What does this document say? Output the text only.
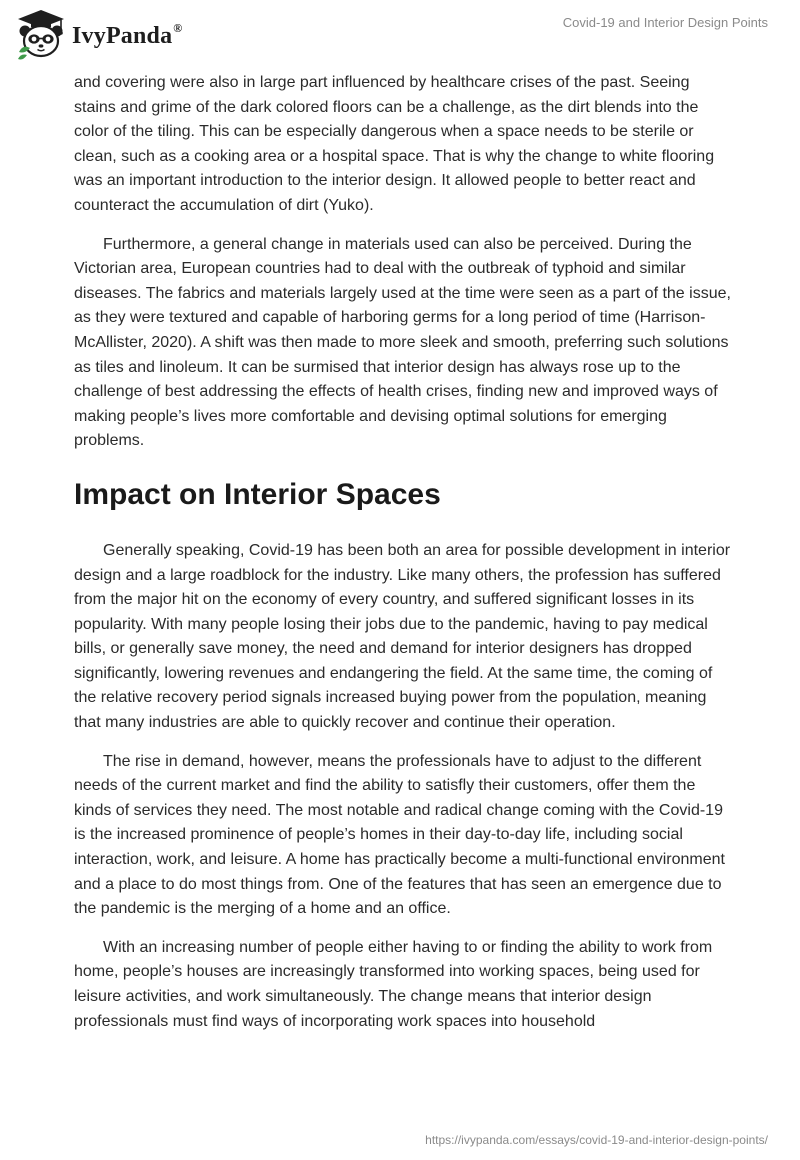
IvyPanda®	Covid-19 and Interior Design Points

and covering were also in large part influenced by healthcare crises of the past. Seeing stains and grime of the dark colored floors can be a challenge, as the dirt blends into the color of the tiling. This can be especially dangerous when a space needs to be sterile or clean, such as a cooking area or a hospital space. That is why the change to white flooring was an important introduction to the interior design. It allowed people to better react and counteract the accumulation of dirt (Yuko).

Furthermore, a general change in materials used can also be perceived. During the Victorian area, European countries had to deal with the outbreak of typhoid and similar diseases. The fabrics and materials largely used at the time were seen as a part of the issue, as they were textured and capable of harboring germs for a long period of time (Harrison-McAllister, 2020). A shift was then made to more sleek and smooth, preferring such solutions as tiles and linoleum. It can be surmised that interior design has always rose up to the challenge of best addressing the effects of health crises, finding new and improved ways of making people’s lives more comfortable and devising optimal solutions for emerging problems.

Impact on Interior Spaces

Generally speaking, Covid-19 has been both an area for possible development in interior design and a large roadblock for the industry. Like many others, the profession has suffered from the major hit on the economy of every country, and suffered significant losses in its popularity. With many people losing their jobs due to the pandemic, having to pay medical bills, or generally save money, the need and demand for interior designers has dropped significantly, lowering revenues and endangering the field. At the same time, the coming of the relative recovery period signals increased buying power from the population, meaning that many industries are able to quickly recover and continue their operation.

The rise in demand, however, means the professionals have to adjust to the different needs of the current market and find the ability to satisfly their customers, offer them the kinds of services they need. The most notable and radical change coming with the Covid-19 is the increased prominence of people’s homes in their day-to-day life, including social interaction, work, and leisure. A home has practically become a multi-functional environment and a place to do most things from. One of the features that has seen an emergence due to the pandemic is the merging of a home and an office.

With an increasing number of people either having to or finding the ability to work from home, people’s houses are increasingly transformed into working spaces, being used for leisure activities, and work simultaneously. The change means that interior design professionals must find ways of incorporating work spaces into household

https://ivypanda.com/essays/covid-19-and-interior-design-points/
